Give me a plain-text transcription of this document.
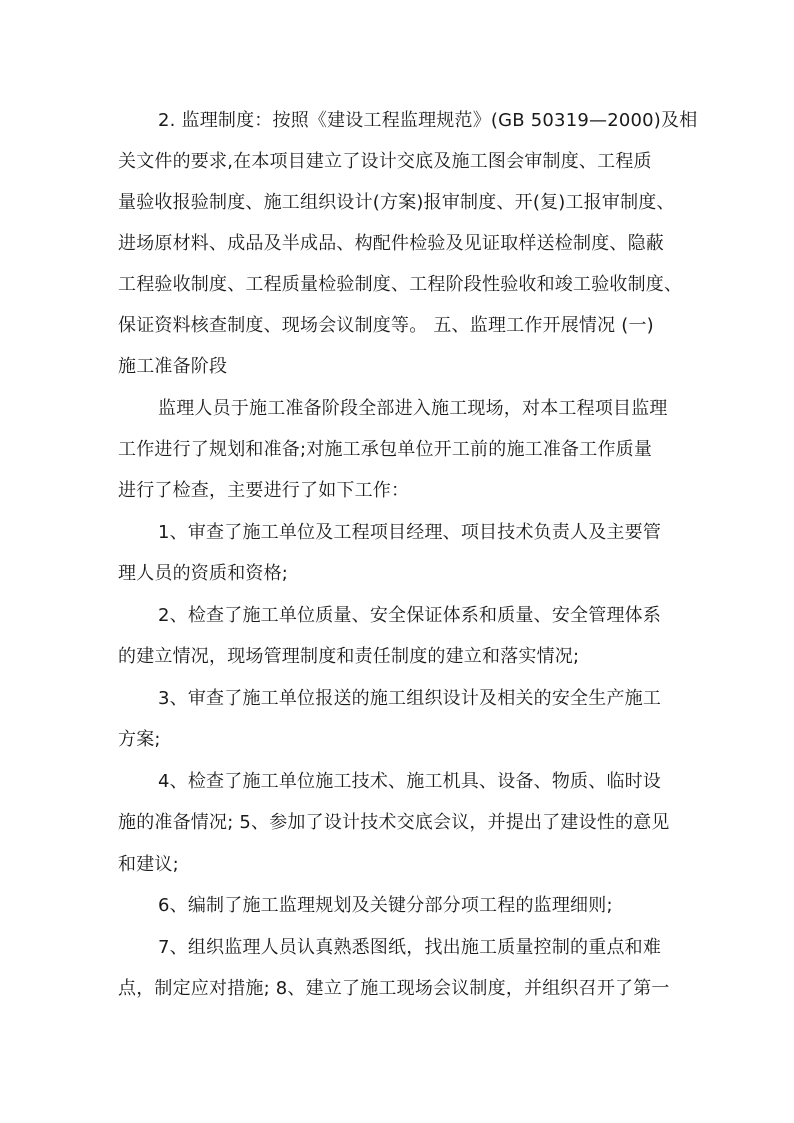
2. 监理制度：按照《建设工程监理规范》(GB 50319—2000)及相
关文件的要求,在本项目建立了设计交底及施工图会审制度、工程质
量验收报验制度、施工组织设计(方案)报审制度、开(复)工报审制度、
进场原材料、成品及半成品、构配件检验及见证取样送检制度、隐蔽
工程验收制度、工程质量检验制度、工程阶段性验收和竣工验收制度、
保证资料核查制度、现场会议制度等。 五、监理工作开展情况 (一)
施工准备阶段
监理人员于施工准备阶段全部进入施工现场，对本工程项目监理
工作进行了规划和准备;对施工承包单位开工前的施工准备工作质量
进行了检查，主要进行了如下工作：
1、审查了施工单位及工程项目经理、项目技术负责人及主要管
理人员的资质和资格;
2、检查了施工单位质量、安全保证体系和质量、安全管理体系
的建立情况，现场管理制度和责任制度的建立和落实情况;
3、审查了施工单位报送的施工组织设计及相关的安全生产施工
方案;
4、检查了施工单位施工技术、施工机具、设备、物质、临时设
施的准备情况; 5、参加了设计技术交底会议，并提出了建设性的意见
和建议;
6、编制了施工监理规划及关键分部分项工程的监理细则;
7、组织监理人员认真熟悉图纸，找出施工质量控制的重点和难
点，制定应对措施; 8、建立了施工现场会议制度，并组织召开了第一
